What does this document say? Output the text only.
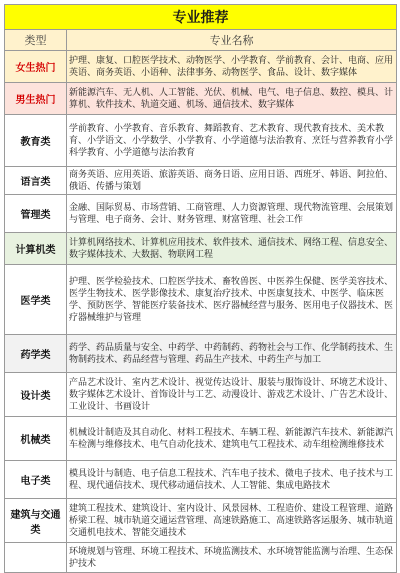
专业推荐	
类型	专业名称
女生热门	护理、康复、口腔医学技术、动物医学、小学教育、学前教育、会计、电商、应用英语、商务英语、小语种、法律事务、动物医学、食品、设计、数字媒体
男生热门	新能源汽车、无人机、人工智能、光伏、机械、电气、电子信息、数控、模具、计算机、软件技术、轨道交通、机场、通信技术、数字媒体
教育类	学前教育、小学教育、音乐教育、舞蹈教育、艺术教育、现代教育技术、美术教育、小学语文、小学数学、小学教育、小学道德与法治教育、烹饪与营养教育小学科学教育、小学道德与法治教育
语言类	商务英语、应用英语、旅游英语、商务日语、应用日语、西班牙、韩语、阿拉伯、俄语、传播与策划
管理类	金融、国际贸易、市场营销、工商管理、人力资源管理、现代物流管理、会展策划与管理、电子商务、会计、财务管理、财富管理、社会工作
计算机类	计算机网络技术、计算机应用技术、软件技术、通信技术、网络工程、信息安全、数字媒体技术、大数据、物联网工程
医学类	护理、医学检验技术、口腔医学技术、畜牧兽医、中医养生保健、医学美容技术、医学生物技术、医学影像技术、康复治疗技术、中医康复技术、中医学、临床医学、预防医学、智能医疗装备技术、医疗器械经营与服务、医用电子仪器技术、医疗器械维护与管理
药学类	药学、药品质量与安全、中药学、中药制药、药物社会与工作、化学制药技术、生物制药技术、药品经营与管理、药品生产技术、中药生产与加工
设计类	产品艺术设计、室内艺术设计、视觉传达设计、服装与服饰设计、环境艺术设计、数字媒体艺术设计、首饰设计与工艺、动漫设计、游戏艺术设计、广告艺术设计、工业设计、书画设计
机械类	机械设计制造及其自动化、材料工程技术、车辆工程、新能源汽车技术、新能源汽车检测与维修技术、电气自动化技术、建筑电气工程技术、动车组检测维修技术
电子类	模具设计与制造、电子信息工程技术、汽车电子技术、微电子技术、电子技术与工程、现代通信技术、现代移动通信技术、人工智能、集成电路技术
建筑与交通类	建筑工程技术、建筑设计、室内设计、风景园林、工程造价、建设工程管理、道路桥梁工程、城市轨道交通运营管理、高速铁路施工、高速铁路客运服务、城市轨道交通机电技术、智能交通技术
	环境规划与管理、环境工程技术、环境监测技术、水环境智能监测与治理、生态保护技术
